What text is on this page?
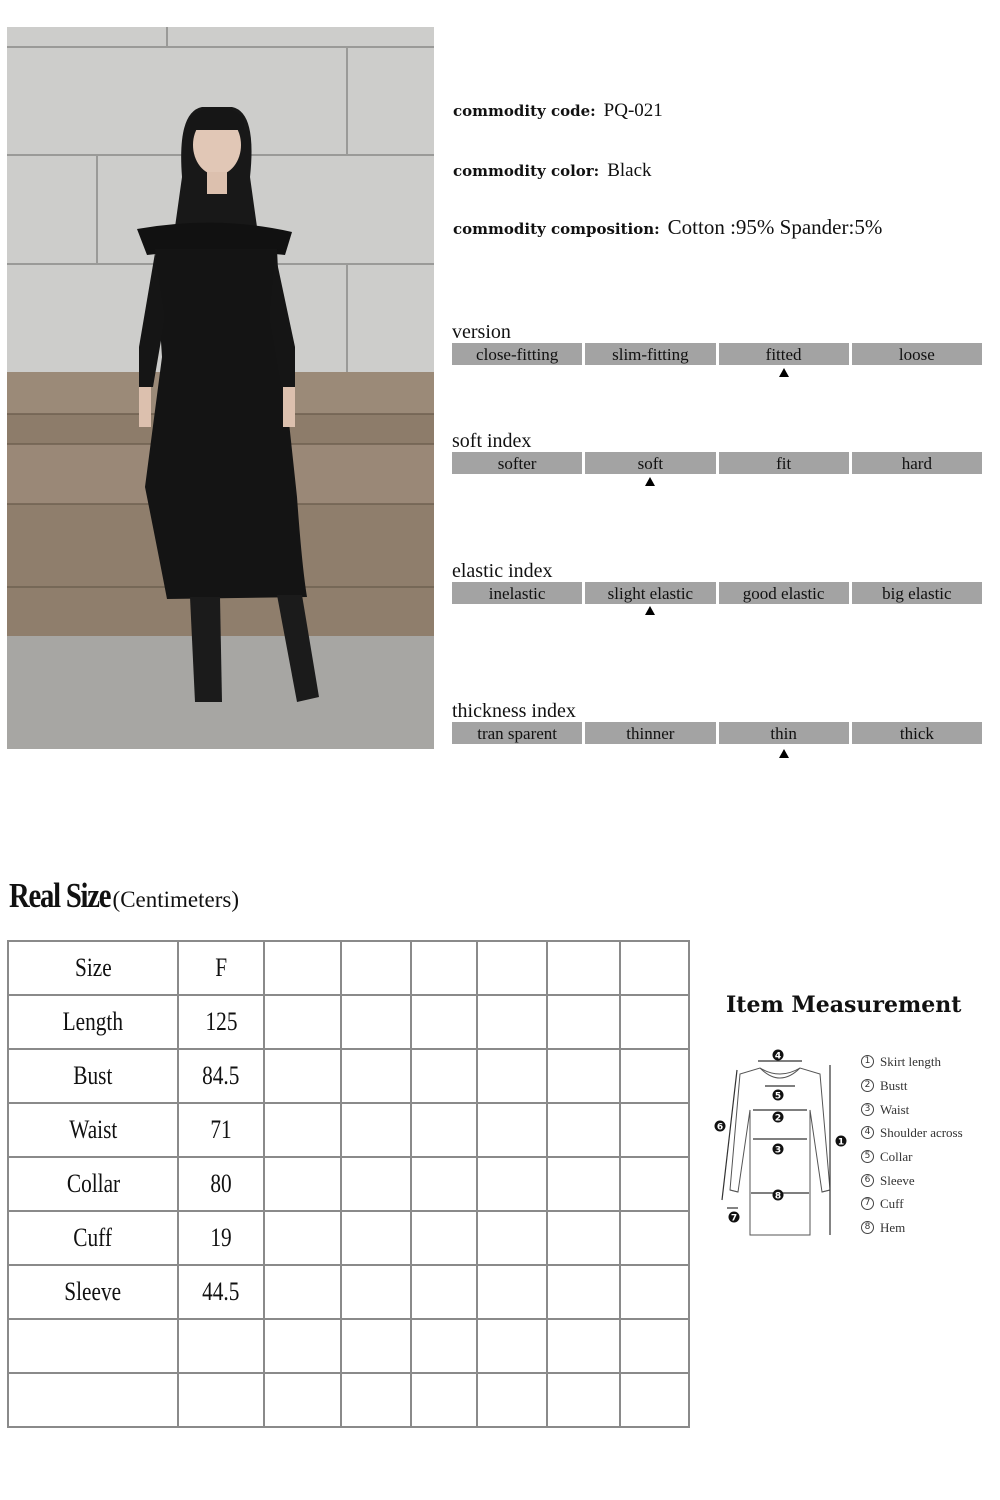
commodity code: PQ-021
commodity color: Black
commodity composition: Cotton :95% Spander:5%
version
close-fitting	slim-fitting	fitted	loose
soft index
softer	soft	fit	hard
elastic index
inelastic	slight elastic	good elastic	big elastic
thickness index
tran sparent	thinner	thin	thick
Real Size(Centimeters)
Size	F						
Length	125						
Bust	84.5						
Waist	71						
Collar	80						
Cuff	19						
Sleeve	44.5						

Item Measurement
4
5
2
3
8
6
1
7
1 Skirt length
2 Bustt
3 Waist
4 Shoulder across
5 Collar
6 Sleeve
7 Cuff
8 Hem
